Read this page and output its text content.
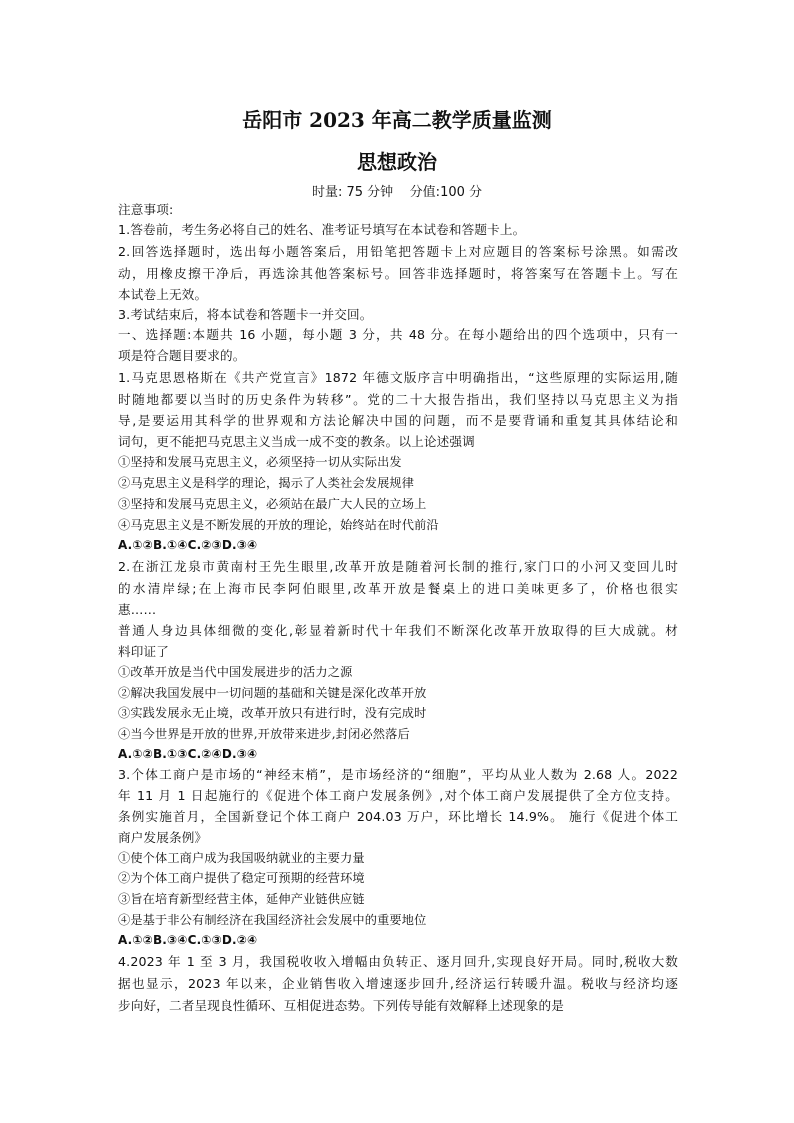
岳阳市 2023 年高二教学质量监测
思想政治
时量: 75 分钟    分值:100 分
注意事项:
1.答卷前，考生务必将自己的姓名、准考证号填写在本试卷和答题卡上。
2.回答选择题时，选出每小题答案后，用铅笔把答题卡上对应题目的答案标号涂黑。如需改
动，用橡皮擦干净后，再选涂其他答案标号。回答非选择题时，将答案写在答题卡上。写在
本试卷上无效。
3.考试结束后，将本试卷和答题卡一并交回。
一、选择题:本题共 16 小题，每小题 3 分，共 48 分。在每小题给出的四个选项中，只有一
项是符合题目要求的。
1.马克思恩格斯在《共产党宣言》1872 年德文版序言中明确指出，“这些原理的实际运用,随
时随地都要以当时的历史条件为转移”。党的二十大报告指出，我们坚持以马克思主义为指
导,是要运用其科学的世界观和方法论解决中国的问题，而不是要背诵和重复其具体结论和
词句，更不能把马克思主义当成一成不变的教条。以上论述强调
①坚持和发展马克思主义，必须坚持一切从实际出发
②马克思主义是科学的理论，揭示了人类社会发展规律
③坚持和发展马克思主义，必须站在最广大人民的立场上
④马克思主义是不断发展的开放的理论，始终站在时代前沿
A.①②B.①④C.②③D.③④
2.在浙江龙泉市黄南村王先生眼里,改革开放是随着河长制的推行,家门口的小河又变回儿时
的水清岸绿;在上海市民李阿伯眼里,改革开放是餐桌上的进口美味更多了，价格也很实
惠……
普通人身边具体细微的变化,彰显着新时代十年我们不断深化改革开放取得的巨大成就。材
料印证了
①改革开放是当代中国发展进步的活力之源
②解决我国发展中一切问题的基础和关键是深化改革开放
③实践发展永无止境，改革开放只有进行时，没有完成时
④当今世界是开放的世界,开放带来进步,封闭必然落后
A.①②B.①③C.②④D.③④
3.个体工商户是市场的“神经末梢”，是市场经济的“细胞”，平均从业人数为 2.68 人。2022
年 11 月 1 日起施行的《促进个体工商户发展条例》,对个体工商户发展提供了全方位支持。
条例实施首月，全国新登记个体工商户 204.03 万户，环比增长 14.9%。 施行《促进个体工
商户发展条例》
①使个体工商户成为我国吸纳就业的主要力量
②为个体工商户提供了稳定可预期的经营环境
③旨在培育新型经营主体，延伸产业链供应链
④是基于非公有制经济在我国经济社会发展中的重要地位
A.①②B.③④C.①③D.②④
4.2023 年 1 至 3 月，我国税收收入增幅由负转正、逐月回升,实现良好开局。同时,税收大数
据也显示，2023 年以来，企业销售收入增速逐步回升,经济运行转暖升温。税收与经济均逐
步向好，二者呈现良性循环、互相促进态势。下列传导能有效解释上述现象的是
